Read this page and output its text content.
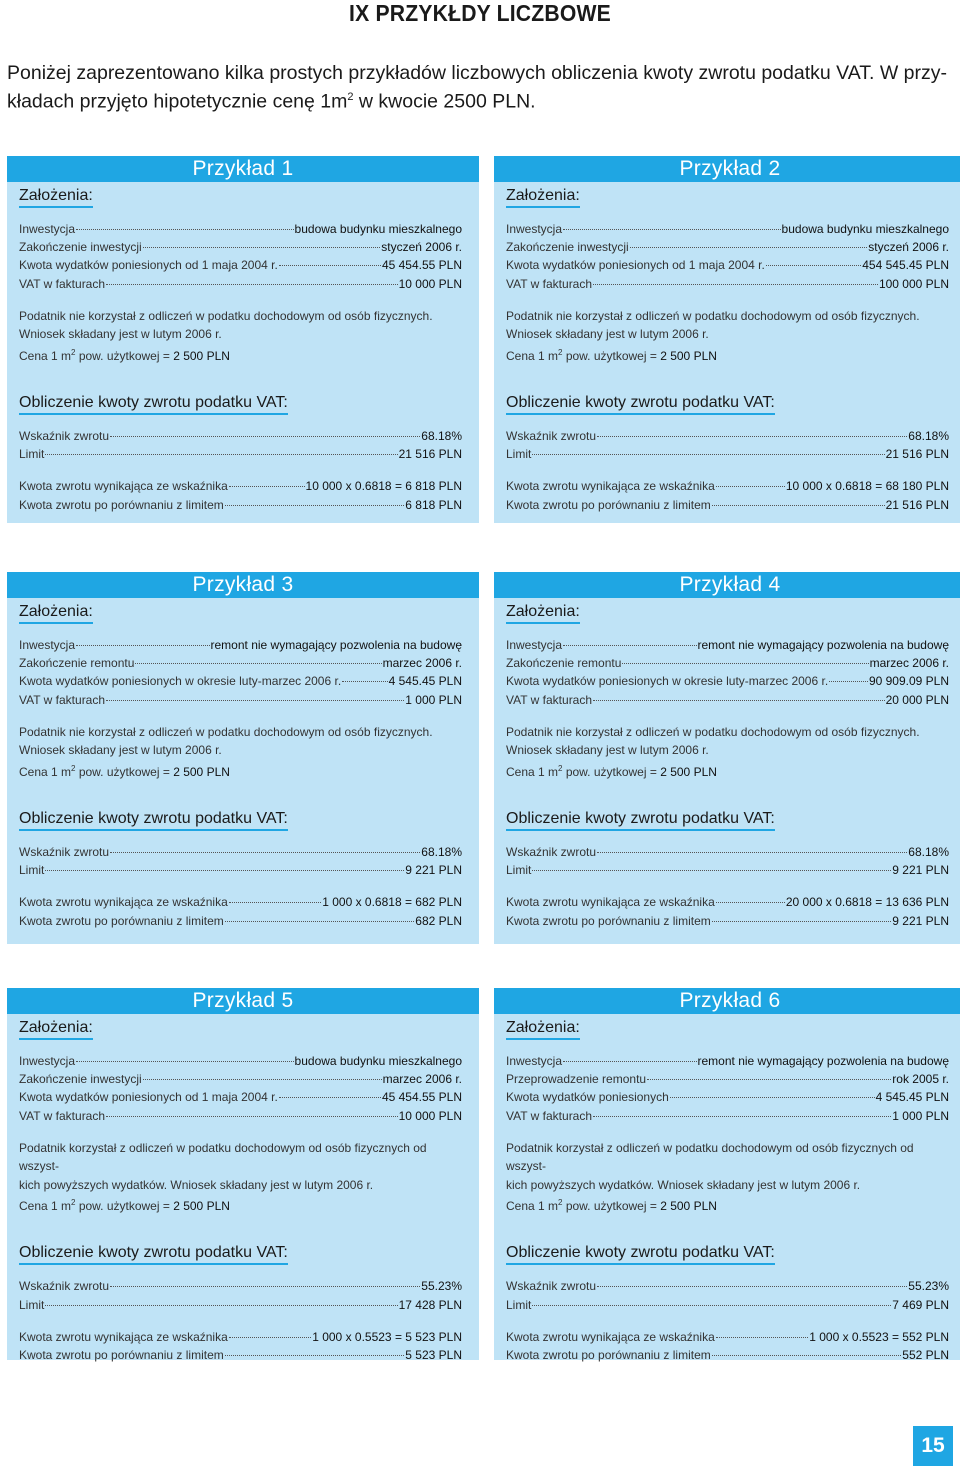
IX PRZYKŁDY LICZBOWE

Poniżej zaprezentowano kilka prostych przykładów liczbowych obliczenia kwoty zwrotu podatku VAT. W przy-
kładach przyjęto hipotetycznie cenę $1m^2$ w kwocie 2500 PLN.

Przykład 1
Założenia:
Inwestycja	budowa budynku mieszkalnego
Zakończenie inwestycji	styczeń 2006 r.
Kwota wydatków poniesionych od 1 maja 2004 r.	45 454.55 PLN
VAT w fakturach	10 000 PLN

Podatnik nie korzystał z odliczeń w podatku dochodowym od osób fizycznych.

Wniosek składany jest w lutym 2006 r.

Cena 1 $m^2$ pow. użytkowej = 2 500 PLN

Obliczenie kwoty zwrotu podatku VAT:
Wskaźnik zwrotu	68.18%
Limit	21 516 PLN
Kwota zwrotu wynikająca ze wskaźnika	10 000 x 0.6818 = 6 818 PLN
Kwota zwrotu po porównaniu z limitem	6 818 PLN
Przykład 2
Założenia:
Inwestycja	budowa budynku mieszkalnego
Zakończenie inwestycji	styczeń 2006 r.
Kwota wydatków poniesionych od 1 maja 2004 r.	454 545.45 PLN
VAT w fakturach	100 000 PLN

Podatnik nie korzystał z odliczeń w podatku dochodowym od osób fizycznych.

Wniosek składany jest w lutym 2006 r.

Cena 1 $m^2$ pow. użytkowej = 2 500 PLN

Obliczenie kwoty zwrotu podatku VAT:
Wskaźnik zwrotu	68.18%
Limit	21 516 PLN
Kwota zwrotu wynikająca ze wskaźnika	10 000 x 0.6818 = 68 180 PLN
Kwota zwrotu po porównaniu z limitem	21 516 PLN
Przykład 3
Założenia:
Inwestycja	remont nie wymagający pozwolenia na budowę
Zakończenie remontu	marzec 2006 r.
Kwota wydatków poniesionych w okresie luty-marzec 2006 r.	4 545.45 PLN
VAT w fakturach	1 000 PLN

Podatnik nie korzystał z odliczeń w podatku dochodowym od osób fizycznych.

Wniosek składany jest w lutym 2006 r.

Cena 1 $m^2$ pow. użytkowej = 2 500 PLN

Obliczenie kwoty zwrotu podatku VAT:
Wskaźnik zwrotu	68.18%
Limit	9 221 PLN
Kwota zwrotu wynikająca ze wskaźnika	1 000 x 0.6818 = 682 PLN
Kwota zwrotu po porównaniu z limitem	682 PLN
Przykład 4
Założenia:
Inwestycja	remont nie wymagający pozwolenia na budowę
Zakończenie remontu	marzec 2006 r.
Kwota wydatków poniesionych w okresie luty-marzec 2006 r.	90 909.09 PLN
VAT w fakturach	20 000 PLN

Podatnik nie korzystał z odliczeń w podatku dochodowym od osób fizycznych.

Wniosek składany jest w lutym 2006 r.

Cena 1 $m^2$ pow. użytkowej = 2 500 PLN

Obliczenie kwoty zwrotu podatku VAT:
Wskaźnik zwrotu	68.18%
Limit	9 221 PLN
Kwota zwrotu wynikająca ze wskaźnika	20 000 x 0.6818 = 13 636 PLN
Kwota zwrotu po porównaniu z limitem	9 221 PLN
Przykład 5
Założenia:
Inwestycja	budowa budynku mieszkalnego
Zakończenie inwestycji	marzec 2006 r.
Kwota wydatków poniesionych od 1 maja 2004 r.	45 454.55 PLN
VAT w fakturach	10 000 PLN

Podatnik korzystał z odliczeń w podatku dochodowym od osób fizycznych od wszyst-

kich powyższych wydatków. Wniosek składany jest w lutym 2006 r.

Cena 1 $m^2$ pow. użytkowej = 2 500 PLN

Obliczenie kwoty zwrotu podatku VAT:
Wskaźnik zwrotu	55.23%
Limit	17 428 PLN
Kwota zwrotu wynikająca ze wskaźnika	1 000 x 0.5523 = 5 523 PLN
Kwota zwrotu po porównaniu z limitem	5 523 PLN
Przykład 6
Założenia:
Inwestycja	remont nie wymagający pozwolenia na budowę
Przeprowadzenie remontu	rok 2005 r.
Kwota wydatków poniesionych	4 545.45 PLN
VAT w fakturach	1 000 PLN

Podatnik korzystał z odliczeń w podatku dochodowym od osób fizycznych od wszyst-

kich powyższych wydatków. Wniosek składany jest w lutym 2006 r.

Cena 1 $m^2$ pow. użytkowej = 2 500 PLN

Obliczenie kwoty zwrotu podatku VAT:
Wskaźnik zwrotu	55.23%
Limit	7 469 PLN
Kwota zwrotu wynikająca ze wskaźnika	1 000 x 0.5523 = 552 PLN
Kwota zwrotu po porównaniu z limitem	552 PLN
15
